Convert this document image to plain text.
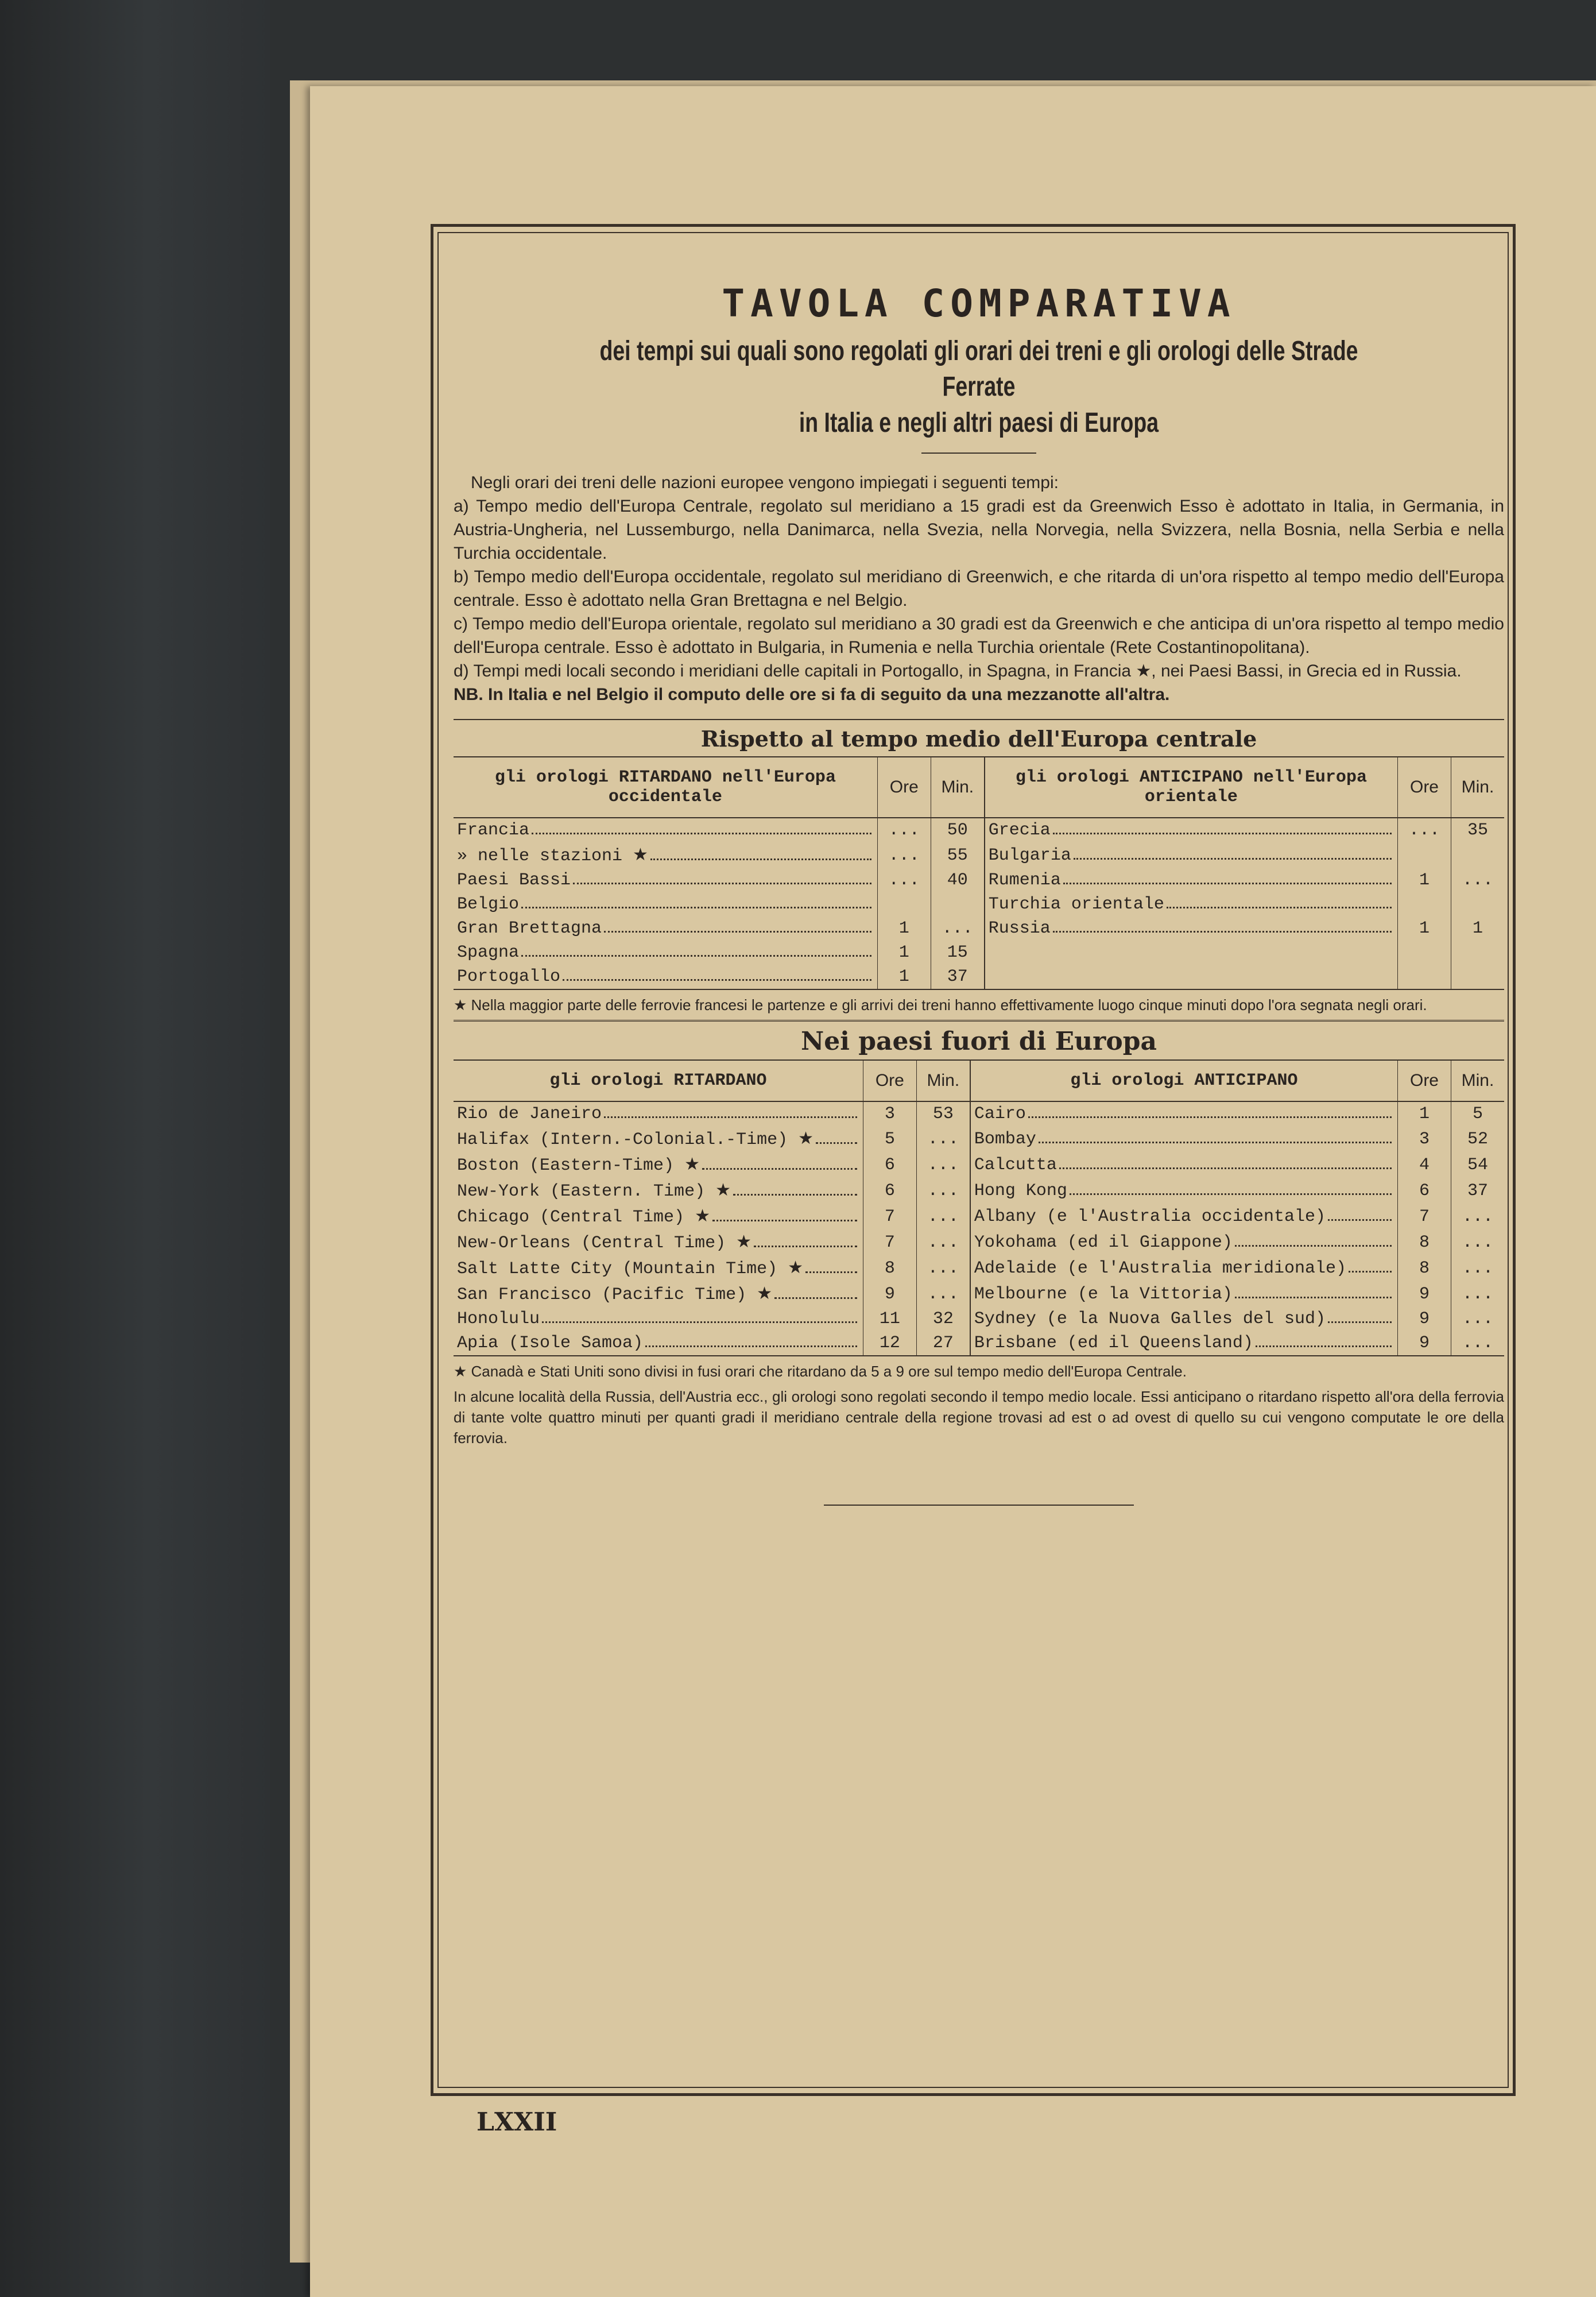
TAVOLA COMPARATIVA
dei tempi sui quali sono regolati gli orari dei treni e gli orologi delle Strade Ferrate
in Italia e negli altri paesi di Europa

Negli orari dei treni delle nazioni europee vengono impiegati i seguenti tempi:

a) Tempo medio dell'Europa Centrale, regolato sul meridiano a 15 gradi est da Greenwich Esso è adottato in Italia, in Germania, in Austria-Ungheria, nel Lussemburgo, nella Danimarca, nella Svezia, nella Norvegia, nella Svizzera, nella Bosnia, nella Serbia e nella Turchia occidentale.

b) Tempo medio dell'Europa occidentale, regolato sul meridiano di Greenwich, e che ritarda di un'ora rispetto al tempo medio dell'Europa centrale. Esso è adottato nella Gran Brettagna e nel Belgio.

c) Tempo medio dell'Europa orientale, regolato sul meridiano a 30 gradi est da Greenwich e che anticipa di un'ora rispetto al tempo medio dell'Europa centrale. Esso è adottato in Bulgaria, in Rumenia e nella Turchia orientale (Rete Costantinopolitana).

d) Tempi medi locali secondo i meridiani delle capitali in Portogallo, in Spagna, in Francia ★, nei Paesi Bassi, in Grecia ed in Russia.

NB. In Italia e nel Belgio il computo delle ore si fa di seguito da una mezzanotte all'altra.

Rispetto al tempo medio dell'Europa centrale
gli orologi RITARDANO nell'Europa occidentale	Ore	Min.	gli orologi ANTICIPANO nell'Europa orientale	Ore	Min.

Francia	...	50	Grecia	...	35

» nelle stazioni ★	...	55	Bulgaria		

Paesi Bassi	...	40	Rumenia	1	...

Belgio			Turchia orientale		

Gran Brettagna	1	...	Russia	1	1

Spagna	1	15	

Portogallo	1	37	

★ Nella maggior parte delle ferrovie francesi le partenze e gli arrivi dei treni hanno effettivamente luogo cinque minuti dopo l'ora segnata negli orari.
Nei paesi fuori di Europa
gli orologi RITARDANO	Ore	Min.	gli orologi ANTICIPANO	Ore	Min.

Rio de Janeiro	3	53	Cairo	1	5

Halifax (Intern.-Colonial.-Time) ★	5	...	Bombay	3	52

Boston (Eastern-Time) ★	6	...	Calcutta	4	54

New-York (Eastern. Time) ★	6	...	Hong Kong	6	37

Chicago (Central Time) ★	7	...	Albany (e l'Australia occidentale)	7	...

New-Orleans (Central Time) ★	7	...	Yokohama (ed il Giappone)	8	...

Salt Latte City (Mountain Time) ★	8	...	Adelaide (e l'Australia meridionale)	8	...

San Francisco (Pacific Time) ★	9	...	Melbourne (e la Vittoria)	9	...

Honolulu	11	32	Sydney (e la Nuova Galles del sud)	9	...

Apia (Isole Samoa)	12	27	Brisbane (ed il Queensland)	9	...
★ Canadà e Stati Uniti sono divisi in fusi orari che ritardano da 5 a 9 ore sul tempo medio dell'Europa Centrale.
In alcune località della Russia, dell'Austria ecc., gli orologi sono regolati secondo il tempo medio locale. Essi anticipano o ritardano rispetto all'ora della ferrovia di tante volte quattro minuti per quanti gradi il meridiano centrale della regione trovasi ad est o ad ovest di quello su cui vengono computate le ore della ferrovia.
LXXII
